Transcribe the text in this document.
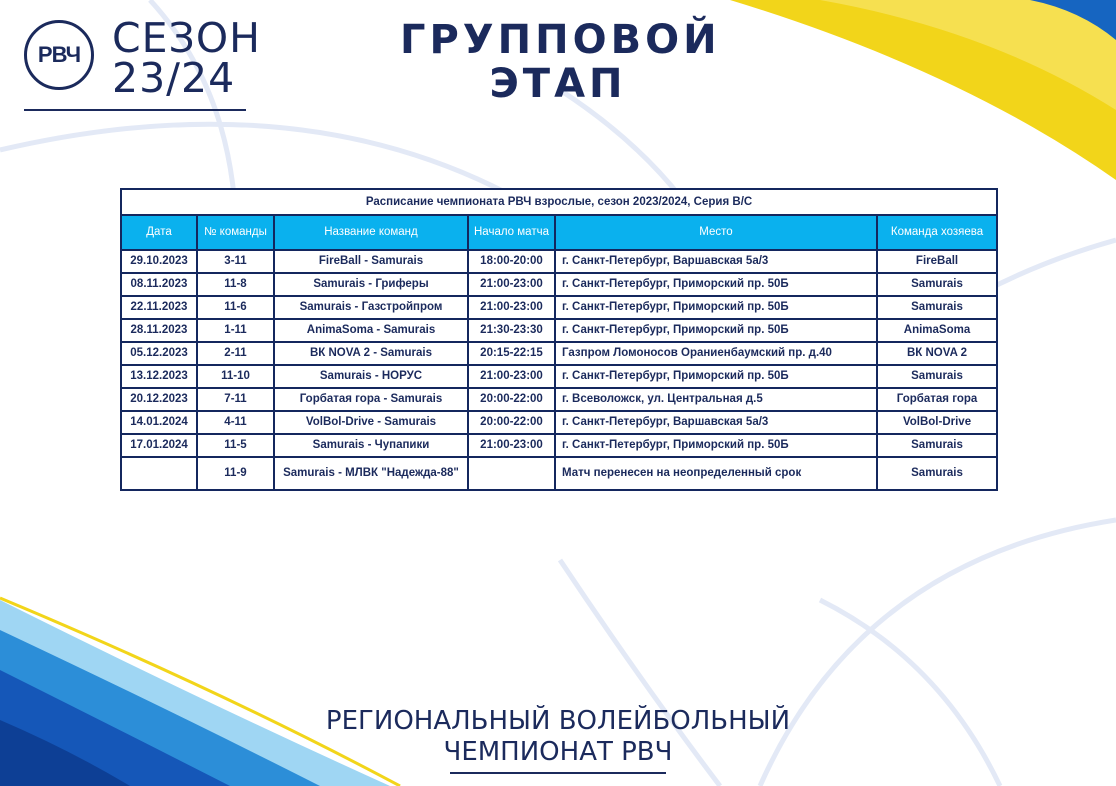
РВЧ СЕЗОН
23/24
ГРУППОВОЙ
ЭТАП
Расписание чемпионата РВЧ взрослые, сезон 2023/2024, Серия B/C					
Дата	№ команды	Название команд	Начало матча	Место	Команда хозяева
29.10.2023	3-11	FireBall - Samurais	18:00-20:00	г. Санкт-Петербург, Варшавская 5а/3	FireBall
08.11.2023	11-8	Samurais - Гриферы	21:00-23:00	г. Санкт-Петербург, Приморский пр. 50Б	Samurais
22.11.2023	11-6	Samurais - Газстройпром	21:00-23:00	г. Санкт-Петербург, Приморский пр. 50Б	Samurais
28.11.2023	1-11	AnimaSoma - Samurais	21:30-23:30	г. Санкт-Петербург, Приморский пр. 50Б	AnimaSoma
05.12.2023	2-11	ВК NOVA 2 - Samurais	20:15-22:15	Газпром Ломоносов Ораниенбаумский пр. д.40	ВК NOVA 2
13.12.2023	11-10	Samurais - НОРУС	21:00-23:00	г. Санкт-Петербург, Приморский пр. 50Б	Samurais
20.12.2023	7-11	Горбатая гора - Samurais	20:00-22:00	г. Всеволожск, ул. Центральная д.5	Горбатая гора
14.01.2024	4-11	VolBol-Drive - Samurais	20:00-22:00	г. Санкт-Петербург, Варшавская 5а/3	VolBol-Drive
17.01.2024	11-5	Samurais - Чупапики	21:00-23:00	г. Санкт-Петербург, Приморский пр. 50Б	Samurais
	11-9	Samurais - МЛВК "Надежда-88"		Матч перенесен на неопределенный срок	Samurais
РЕГИОНАЛЬНЫЙ ВОЛЕЙБОЛЬНЫЙ
ЧЕМПИОНАТ РВЧ
